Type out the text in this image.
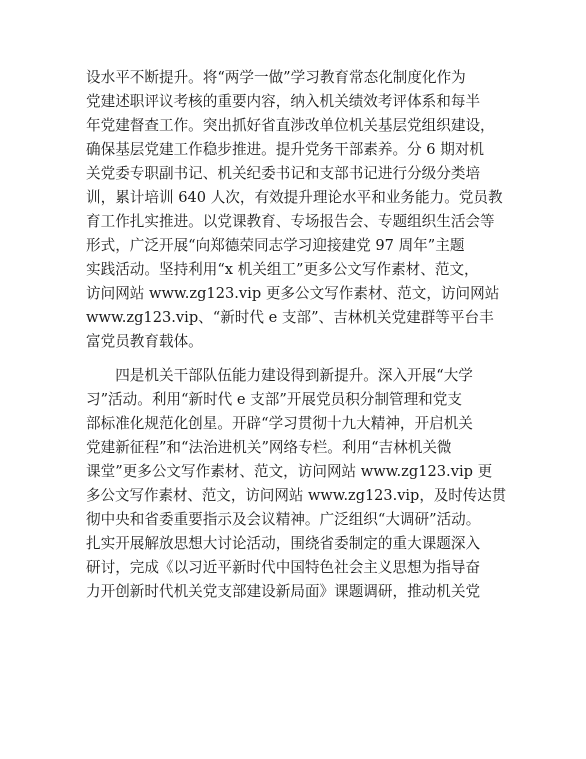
设水平不断提升。将“两学一做”学习教育常态化制度化作为
党建述职评议考核的重要内容，纳入机关绩效考评体系和每半
年党建督查工作。突出抓好省直涉改单位机关基层党组织建设，
确保基层党建工作稳步推进。提升党务干部素养。分 6 期对机
关党委专职副书记、机关纪委书记和支部书记进行分级分类培
训，累计培训 640 人次，有效提升理论水平和业务能力。党员教
育工作扎实推进。以党课教育、专场报告会、专题组织生活会等
形式，广泛开展“向郑德荣同志学习迎接建党 97 周年”主题
实践活动。坚持利用“x 机关组工”更多公文写作素材、范文，
访问网站 www.zg123.vip 更多公文写作素材、范文，访问网站
www.zg123.vip、“新时代 e 支部”、吉林机关党建群等平台丰
富党员教育载体。
　　四是机关干部队伍能力建设得到新提升。深入开展“大学
习”活动。利用“新时代 e 支部”开展党员积分制管理和党支
部标准化规范化创星。开辟“学习贯彻十九大精神，开启机关
党建新征程”和“法治进机关”网络专栏。利用“吉林机关微
课堂”更多公文写作素材、范文，访问网站 www.zg123.vip 更
多公文写作素材、范文，访问网站 www.zg123.vip，及时传达贯
彻中央和省委重要指示及会议精神。广泛组织“大调研”活动。
扎实开展解放思想大讨论活动，围绕省委制定的重大课题深入
研讨，完成《以习近平新时代中国特色社会主义思想为指导奋
力开创新时代机关党支部建设新局面》课题调研，推动机关党
